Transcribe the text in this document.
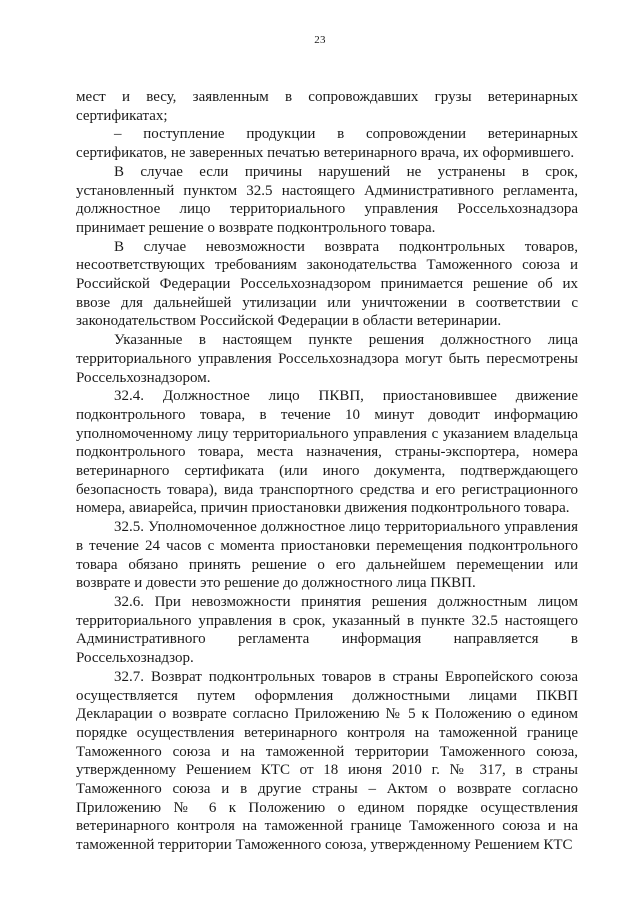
23

мест и весу, заявленным в сопровождавших грузы ветеринарных сертификатах;

– поступление продукции в сопровождении ветеринарных сертификатов, не заверенных печатью ветеринарного врача, их оформившего.

В случае если причины нарушений не устранены в срок, установленный пунктом 32.5 настоящего Административного регламента, должностное лицо территориального управления Россельхознадзора принимает решение о возврате подконтрольного товара.

В случае невозможности возврата подконтрольных товаров, несоответствующих требованиям законодательства Таможенного союза и Российской Федерации Россельхознадзором принимается решение об их ввозе для дальнейшей утилизации или уничтожении в соответствии с законодательством Российской Федерации в области ветеринарии.

Указанные в настоящем пункте решения должностного лица территориального управления Россельхознадзора могут быть пересмотрены Россельхознадзором.

32.4. Должностное лицо ПКВП, приостановившее движение подконтрольного товара, в течение 10 минут доводит информацию уполномоченному лицу территориального управления с указанием владельца подконтрольного товара, места назначения, страны-экспортера, номера ветеринарного сертификата (или иного документа, подтверждающего безопасность товара), вида транспортного средства и его регистрационного номера, авиарейса, причин приостановки движения подконтрольного товара.

32.5. Уполномоченное должностное лицо территориального управления в течение 24 часов с момента приостановки перемещения подконтрольного товара обязано принять решение о его дальнейшем перемещении или возврате и довести это решение до должностного лица ПКВП.

32.6. При невозможности принятия решения должностным лицом территориального управления в срок, указанный в пункте 32.5 настоящего Административного регламента информация направляется в Россельхознадзор.

32.7. Возврат подконтрольных товаров в страны Европейского союза осуществляется путем оформления должностными лицами ПКВП Декларации о возврате согласно Приложению № 5 к Положению о едином порядке осуществления ветеринарного контроля на таможенной границе Таможенного союза и на таможенной территории Таможенного союза, утвержденному Решением КТС от 18 июня 2010 г. № 317, в страны Таможенного союза и в другие страны – Актом о возврате согласно Приложению № 6 к Положению о едином порядке осуществления ветеринарного контроля на таможенной границе Таможенного союза и на таможенной территории Таможенного союза, утвержденному Решением КТС
